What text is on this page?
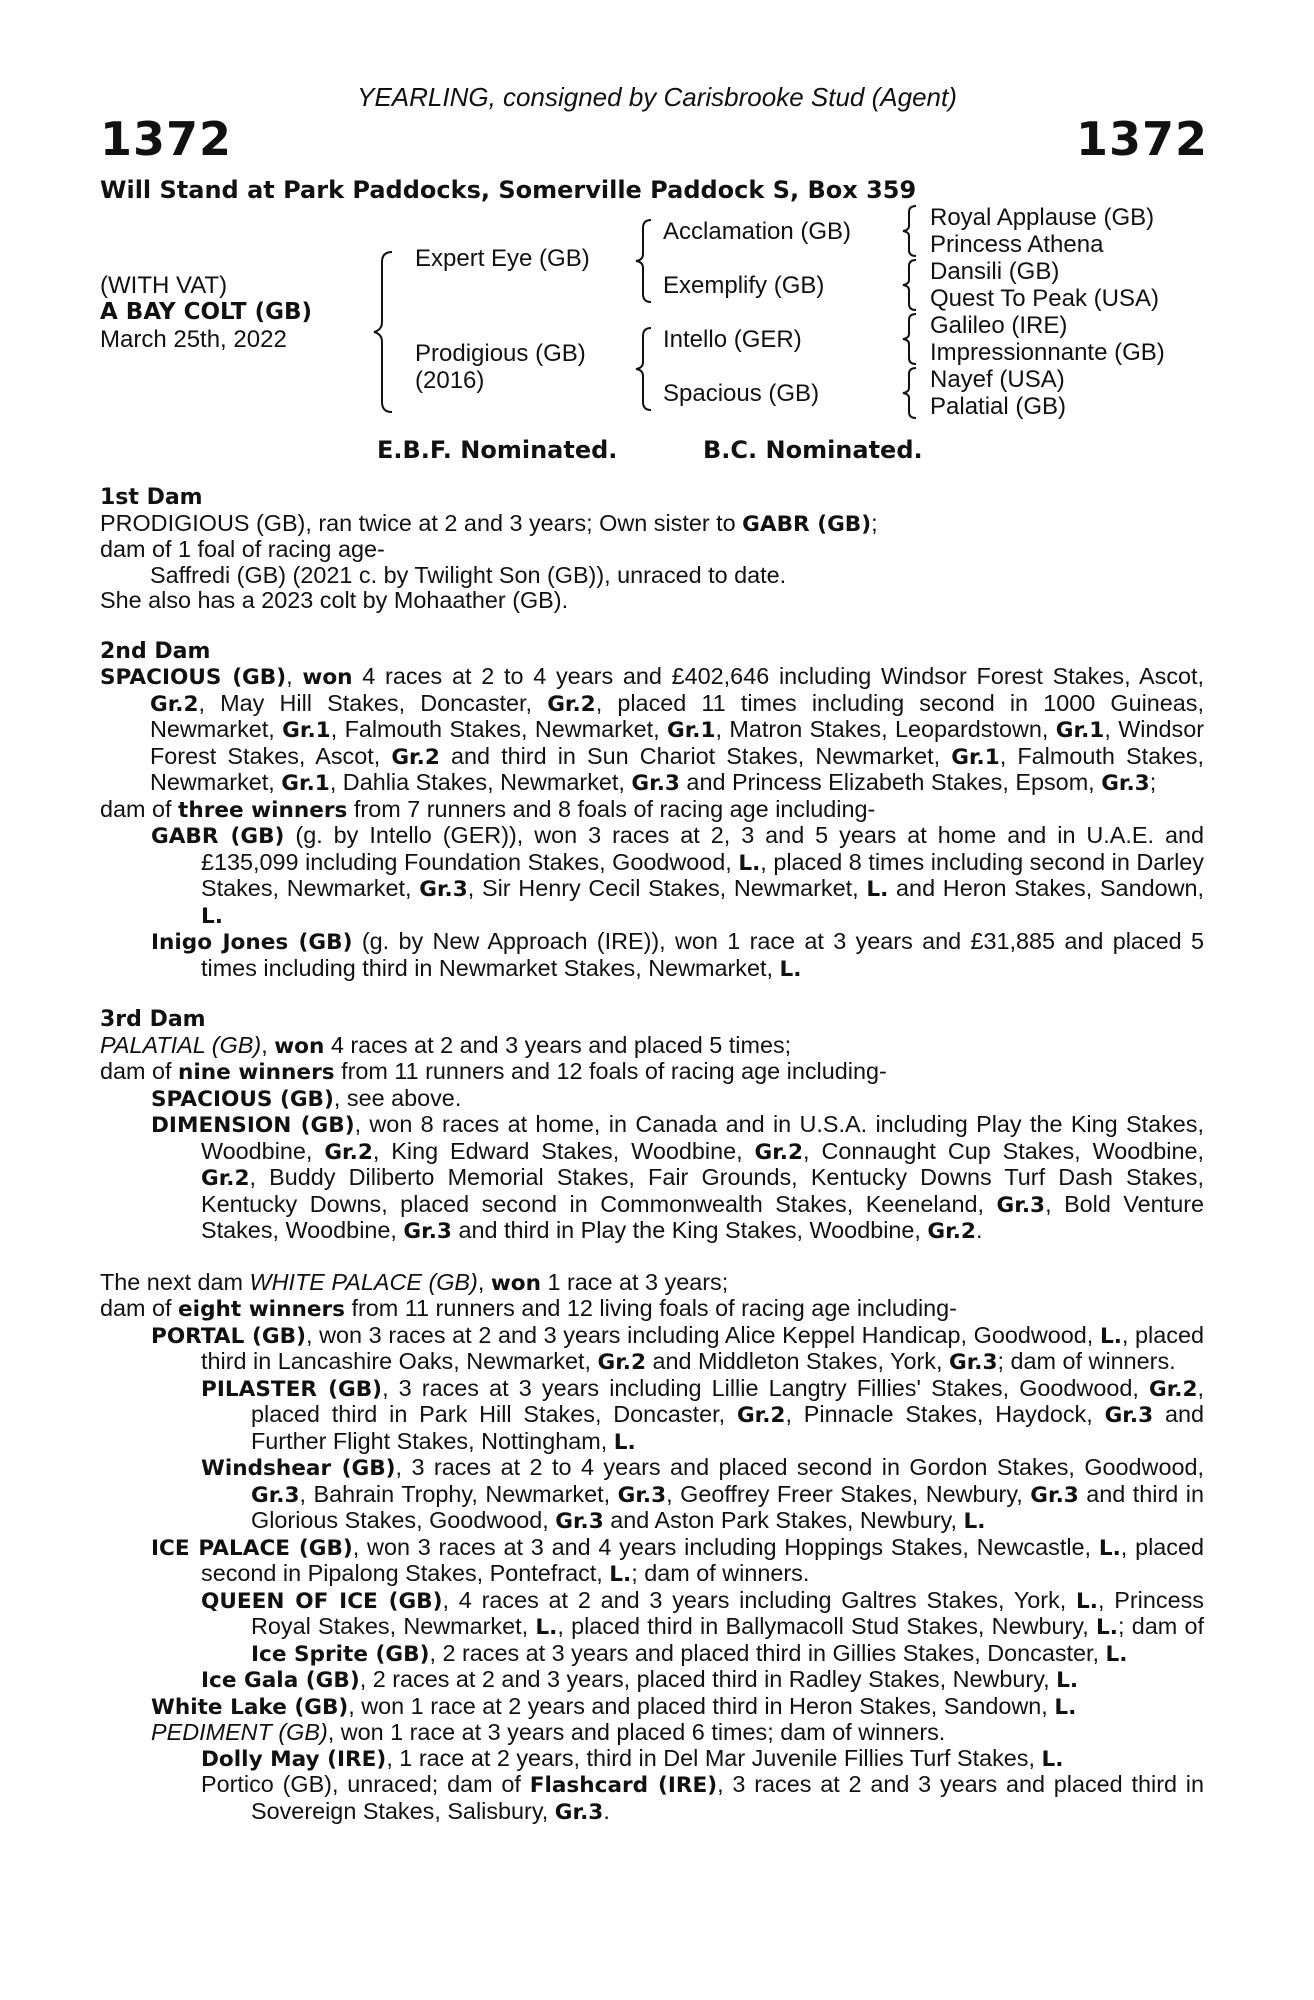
YEARLING, consigned by Carisbrooke Stud (Agent)
1372	1372
Will Stand at Park Paddocks, Somerville Paddock S, Box 359
(WITH VAT)
A BAY COLT (GB)
March 25th, 2022
Expert Eye (GB)
Prodigious (GB)
(2016)
Acclamation (GB)
Exemplify (GB)
Intello (GER)
Spacious (GB)
Royal Applause (GB)
Princess Athena
Dansili (GB)
Quest To Peak (USA)
Galileo (IRE)
Impressionnante (GB)
Nayef (USA)
Palatial (GB)
E.B.F. Nominated.	B.C. Nominated.

1st Dam

PRODIGIOUS (GB), ran twice at 2 and 3 years; Own sister to GABR (GB);

dam of 1 foal of racing age-

Saffredi (GB) (2021 c. by Twilight Son (GB)), unraced to date.

She also has a 2023 colt by Mohaather (GB).

2nd Dam

SPACIOUS (GB), won 4 races at 2 to 4 years and £402,646 including Windsor Forest Stakes, Ascot, Gr.2, May Hill Stakes, Doncaster, Gr.2, placed 11 times including second in 1000 Guineas, Newmarket, Gr.1, Falmouth Stakes, Newmarket, Gr.1, Matron Stakes, Leopardstown, Gr.1, Windsor Forest Stakes, Ascot, Gr.2 and third in Sun Chariot Stakes, Newmarket, Gr.1, Falmouth Stakes, Newmarket, Gr.1, Dahlia Stakes, Newmarket, Gr.3 and Princess Elizabeth Stakes, Epsom, Gr.3;

dam of three winners from 7 runners and 8 foals of racing age including-

GABR (GB) (g. by Intello (GER)), won 3 races at 2, 3 and 5 years at home and in U.A.E. and £135,099 including Foundation Stakes, Goodwood, L., placed 8 times including second in Darley Stakes, Newmarket, Gr.3, Sir Henry Cecil Stakes, Newmarket, L. and Heron Stakes, Sandown, L.

Inigo Jones (GB) (g. by New Approach (IRE)), won 1 race at 3 years and £31,885 and placed 5 times including third in Newmarket Stakes, Newmarket, L.

3rd Dam

PALATIAL (GB), won 4 races at 2 and 3 years and placed 5 times;

dam of nine winners from 11 runners and 12 foals of racing age including-

SPACIOUS (GB), see above.

DIMENSION (GB), won 8 races at home, in Canada and in U.S.A. including Play the King Stakes, Woodbine, Gr.2, King Edward Stakes, Woodbine, Gr.2, Connaught Cup Stakes, Woodbine, Gr.2, Buddy Diliberto Memorial Stakes, Fair Grounds, Kentucky Downs Turf Dash Stakes, Kentucky Downs, placed second in Commonwealth Stakes, Keeneland, Gr.3, Bold Venture Stakes, Woodbine, Gr.3 and third in Play the King Stakes, Woodbine, Gr.2.

The next dam WHITE PALACE (GB), won 1 race at 3 years;

dam of eight winners from 11 runners and 12 living foals of racing age including-

PORTAL (GB), won 3 races at 2 and 3 years including Alice Keppel Handicap, Goodwood, L., placed third in Lancashire Oaks, Newmarket, Gr.2 and Middleton Stakes, York, Gr.3; dam of winners.

PILASTER (GB), 3 races at 3 years including Lillie Langtry Fillies' Stakes, Goodwood, Gr.2, placed third in Park Hill Stakes, Doncaster, Gr.2, Pinnacle Stakes, Haydock, Gr.3 and Further Flight Stakes, Nottingham, L.

Windshear (GB), 3 races at 2 to 4 years and placed second in Gordon Stakes, Goodwood, Gr.3, Bahrain Trophy, Newmarket, Gr.3, Geoffrey Freer Stakes, Newbury, Gr.3 and third in Glorious Stakes, Goodwood, Gr.3 and Aston Park Stakes, Newbury, L.

ICE PALACE (GB), won 3 races at 3 and 4 years including Hoppings Stakes, Newcastle, L., placed second in Pipalong Stakes, Pontefract, L.; dam of winners.

QUEEN OF ICE (GB), 4 races at 2 and 3 years including Galtres Stakes, York, L., Princess Royal Stakes, Newmarket, L., placed third in Ballymacoll Stud Stakes, Newbury, L.; dam of Ice Sprite (GB), 2 races at 3 years and placed third in Gillies Stakes, Doncaster, L.

Ice Gala (GB), 2 races at 2 and 3 years, placed third in Radley Stakes, Newbury, L.

White Lake (GB), won 1 race at 2 years and placed third in Heron Stakes, Sandown, L.

PEDIMENT (GB), won 1 race at 3 years and placed 6 times; dam of winners.

Dolly May (IRE), 1 race at 2 years, third in Del Mar Juvenile Fillies Turf Stakes, L.

Portico (GB), unraced; dam of Flashcard (IRE), 3 races at 2 and 3 years and placed third in Sovereign Stakes, Salisbury, Gr.3.
